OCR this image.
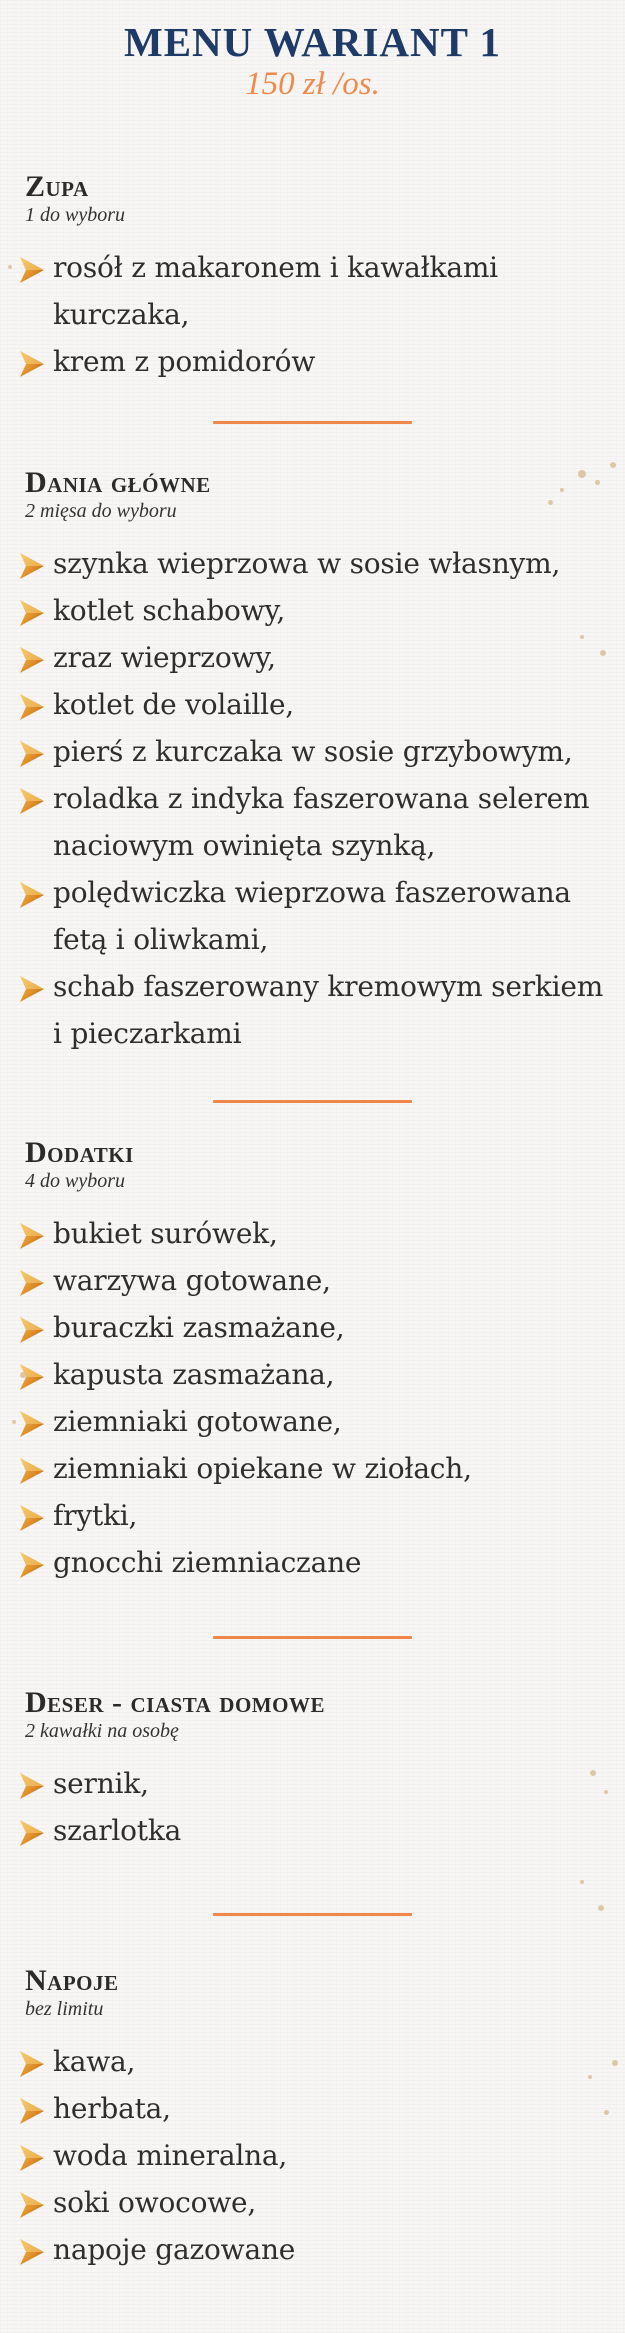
MENU WARIANT 1
150 zł /os.
Zupa
1 do wyboru
rosół z makaronem i kawałkami kurczaka,
krem z pomidorów
Dania główne
2 mięsa do wyboru
szynka wieprzowa w sosie własnym,
kotlet schabowy,
zraz wieprzowy,
kotlet de volaille,
pierś z kurczaka w sosie grzybowym,
roladka z indyka faszerowana selerem naciowym owinięta szynką,
polędwiczka wieprzowa faszerowana fetą i oliwkami,
schab faszerowany kremowym serkiem i pieczarkami
Dodatki
4 do wyboru
bukiet surówek,
warzywa gotowane,
buraczki zasmażane,
kapusta zasmażana,
ziemniaki gotowane,
ziemniaki opiekane w ziołach,
frytki,
gnocchi ziemniaczane
Deser - ciasta domowe
2 kawałki na osobę
sernik,
szarlotka
Napoje
bez limitu
kawa,
herbata,
woda mineralna,
soki owocowe,
napoje gazowane
